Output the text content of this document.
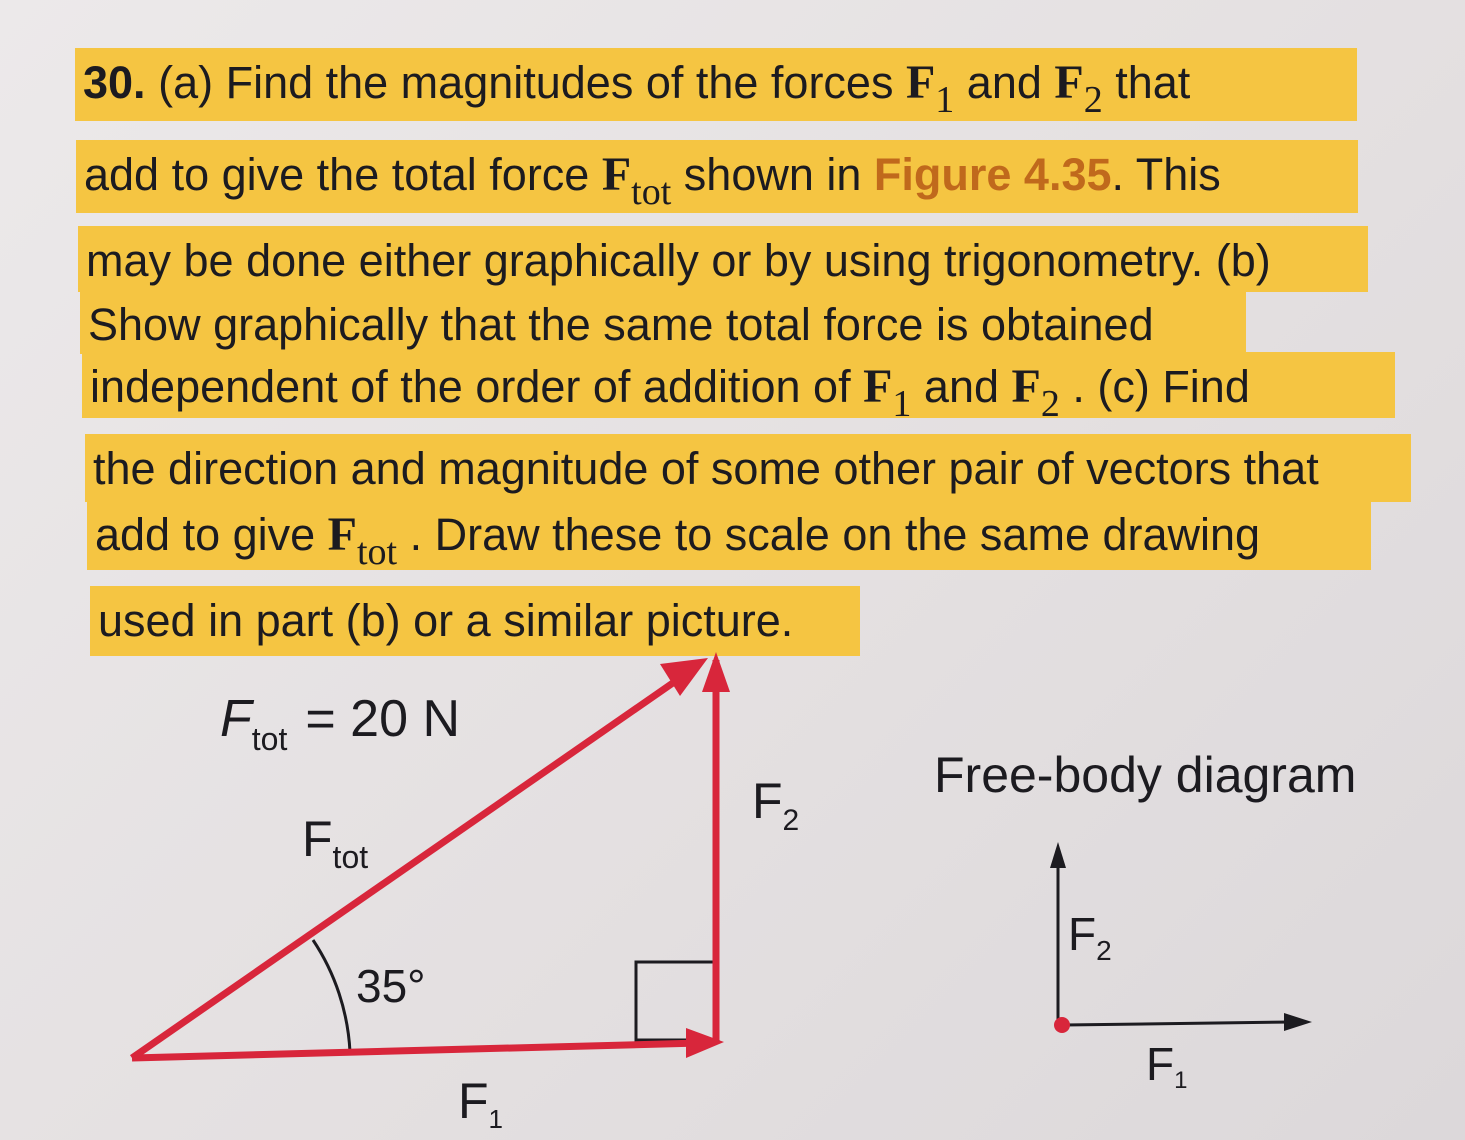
30. (a) Find the magnitudes of the forces $F_1$ and $F_2$ that
add to give the total force $F_{tot}$ shown in Figure 4.35. This
may be done either graphically or by using trigonometry. (b)
Show graphically that the same total force is obtained
independent of the order of addition of $F_1$ and $F_2$ . (c) Find
the direction and magnitude of some other pair of vectors that
add to give $F_{tot}$ . Draw these to scale on the same drawing
used in part (b) or a similar picture.
$F_{tot} = 20$ N
$F_{tot}$
35°
$F_1$
$F_2$
Free-body diagram
$F_2$
F1
